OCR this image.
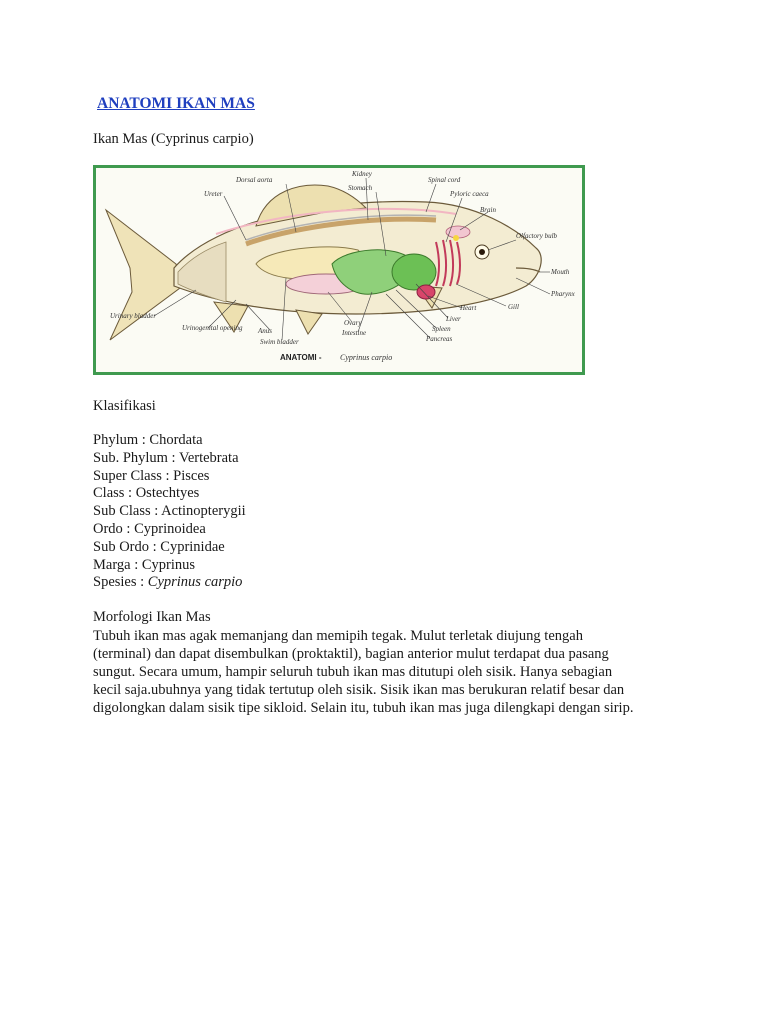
ANATOMI IKAN MAS
Ikan Mas (Cyprinus carpio)
Dorsal aorta
Ureter
Kidney
Stomach
Spinal cord
Pyloric caeca
Brain
Olfactory bulb
Mouth
Pharynx
Gill
Heart
Liver
Spleen
Pancreas
Intestine
Ovary
Anus
Swim bladder
Urinary bladder
Urinogenital opening
ANATOMI - Cyprinus carpio
Klasifikasi
Phylum : Chordata
Sub. Phylum : Vertebrata
Super Class : Pisces
Class : Ostechtyes
Sub Class : Actinopterygii
Ordo : Cyprinoidea
Sub Ordo : Cyprinidae
Marga : Cyprinus
Spesies : Cyprinus carpio
Morfologi Ikan Mas
Tubuh ikan mas agak memanjang dan memipih tegak. Mulut terletak diujung tengah
(terminal) dan dapat disembulkan (proktaktil), bagian anterior mulut terdapat dua pasang
sungut. Secara umum, hampir seluruh tubuh ikan mas ditutupi oleh sisik. Hanya sebagian
kecil saja.ubuhnya yang tidak tertutup oleh sisik. Sisik ikan mas berukuran relatif besar dan
digolongkan dalam sisik tipe sikloid. Selain itu, tubuh ikan mas juga dilengkapi dengan sirip.
